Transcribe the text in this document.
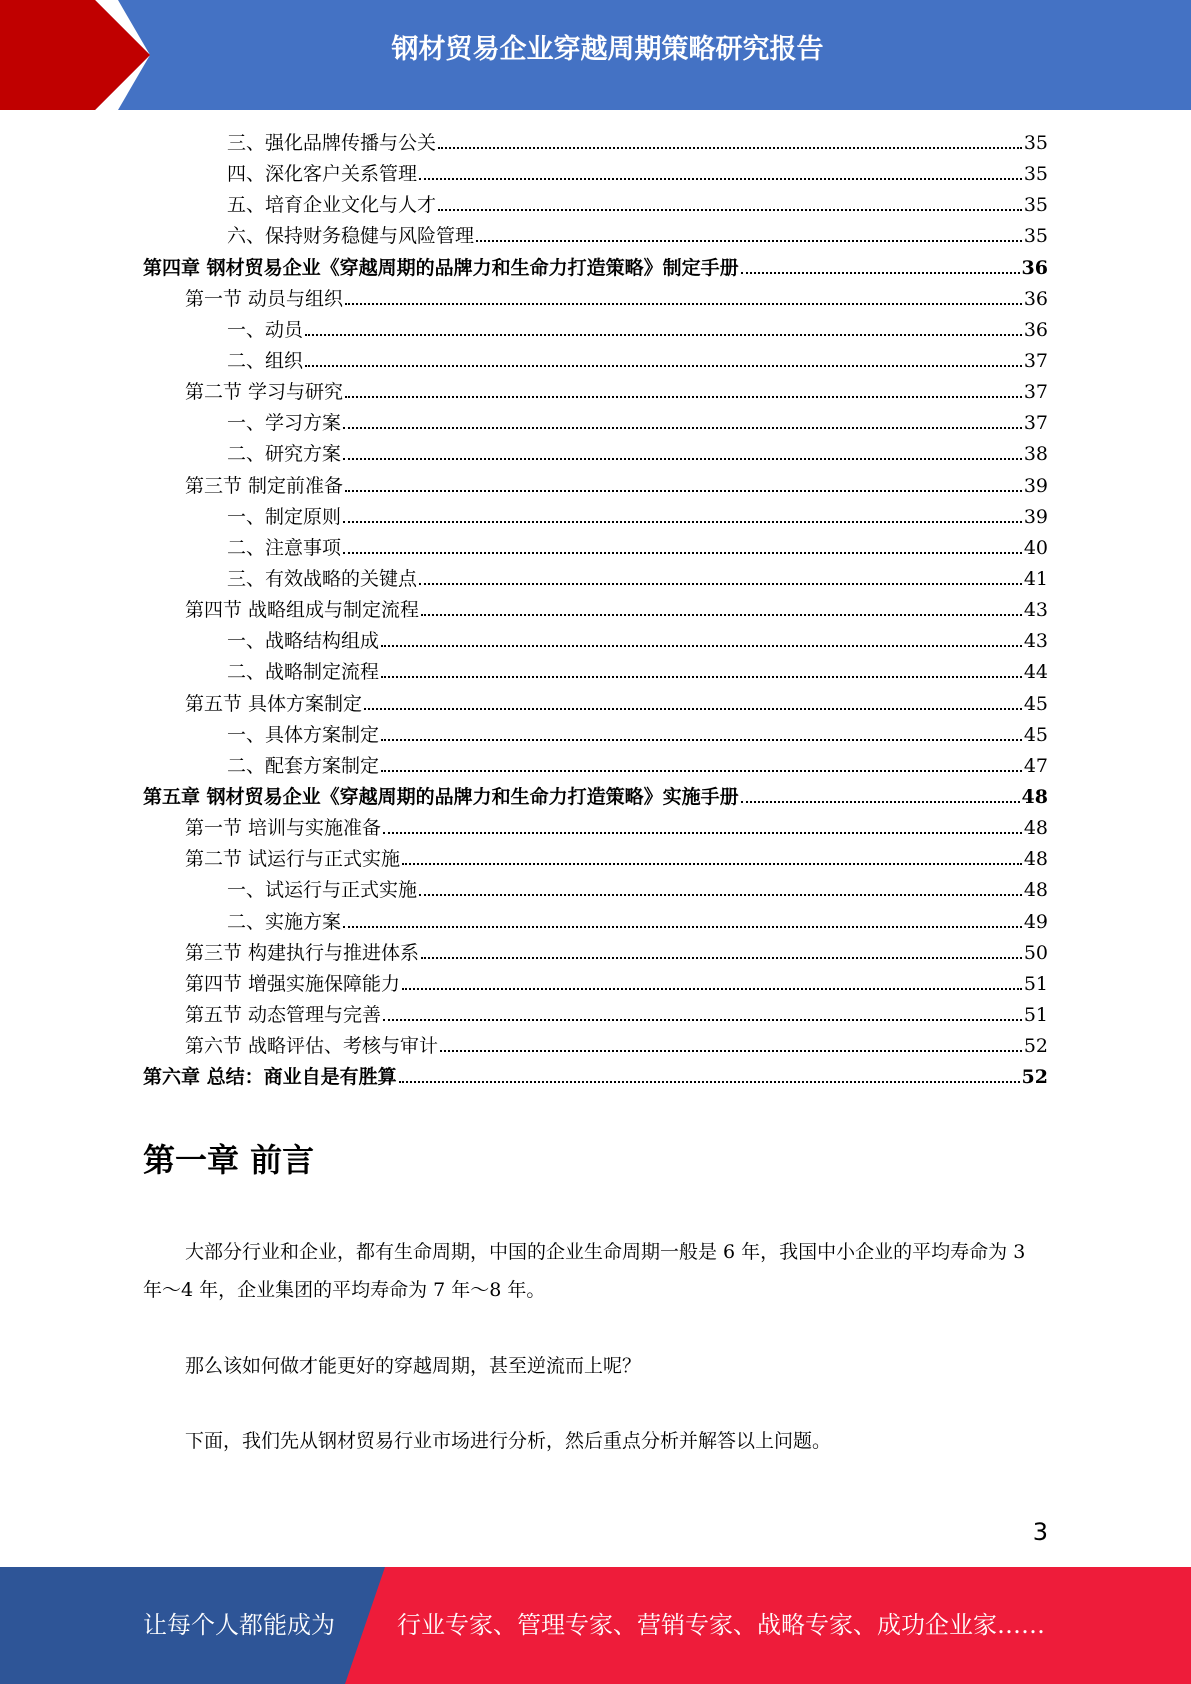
钢材贸易企业穿越周期策略研究报告
三、强化品牌传播与公关	35
四、深化客户关系管理	35
五、培育企业文化与人才	35
六、保持财务稳健与风险管理	35
第四章 钢材贸易企业《穿越周期的品牌力和生命力打造策略》制定手册	36
第一节 动员与组织	36
一、动员	36
二、组织	37
第二节 学习与研究	37
一、学习方案	37
二、研究方案	38
第三节 制定前准备	39
一、制定原则	39
二、注意事项	40
三、有效战略的关键点	41
第四节 战略组成与制定流程	43
一、战略结构组成	43
二、战略制定流程	44
第五节 具体方案制定	45
一、具体方案制定	45
二、配套方案制定	47
第五章 钢材贸易企业《穿越周期的品牌力和生命力打造策略》实施手册	48
第一节 培训与实施准备	48
第二节 试运行与正式实施	48
一、试运行与正式实施	48
二、实施方案	49
第三节 构建执行与推进体系	50
第四节 增强实施保障能力	51
第五节 动态管理与完善	51
第六节 战略评估、考核与审计	52
第六章 总结：商业自是有胜算	52
第一章 前言

大部分行业和企业，都有生命周期，中国的企业生命周期一般是 6 年，我国中小企业的平均寿命为 3 年～4 年，企业集团的平均寿命为 7 年～8 年。

那么该如何做才能更好的穿越周期，甚至逆流而上呢？

下面，我们先从钢材贸易行业市场进行分析，然后重点分析并解答以上问题。

3
让每个人都能成为	行业专家、管理专家、营销专家、战略专家、成功企业家……
